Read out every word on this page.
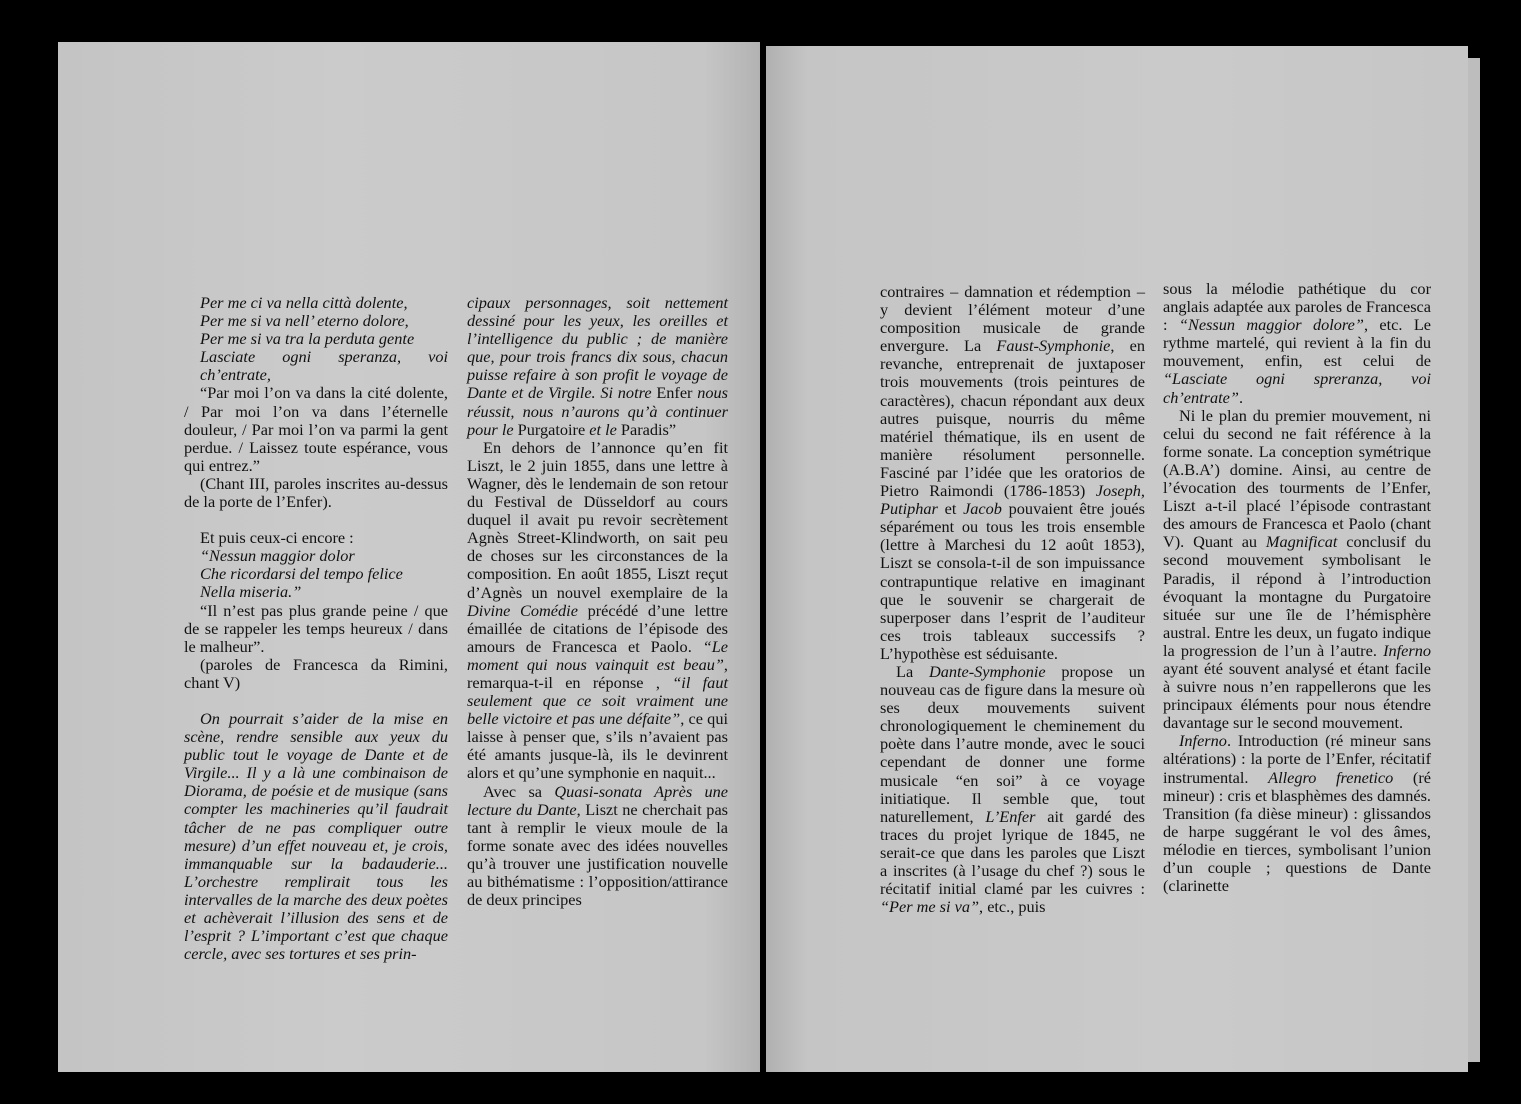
Per me ci va nella città dolente,

Per me si va nell’ eterno dolore,

Per me si va tra la perduta gente

Lasciate ogni speranza, voi ch’entrate,

“Par moi l’on va dans la cité dolente, / Par moi l’on va dans l’éternelle douleur, / Par moi l’on va parmi la gent perdue. / Laissez toute espérance, vous qui entrez.”

(Chant III, paroles inscrites au-dessus de la porte de l’Enfer).

Et puis ceux-ci encore :

“Nessun maggior dolor

Che ricordarsi del tempo felice

Nella miseria.”

“Il n’est pas plus grande peine / que de se rappeler les temps heureux / dans le malheur”.

(paroles de Francesca da Rimini, chant V)

On pourrait s’aider de la mise en scène, rendre sensible aux yeux du public tout le voyage de Dante et de Virgile... Il y a là une combinaison de Diorama, de poésie et de musique (sans compter les machineries qu’il faudrait tâcher de ne pas compliquer outre mesure) d’un effet nouveau et, je crois, immanquable sur la badauderie... L’orchestre remplirait tous les intervalles de la marche des deux poètes et achèverait l’illusion des sens et de l’esprit ? L’important c’est que chaque cercle, avec ses tortures et ses prin-

cipaux personnages, soit nettement dessiné pour les yeux, les oreilles et l’intelligence du public ; de manière que, pour trois francs dix sous, chacun puisse refaire à son profit le voyage de Dante et de Virgile. Si notre Enfer nous réussit, nous n’aurons qu’à continuer pour le Purgatoire et le Paradis”

En dehors de l’annonce qu’en fit Liszt, le 2 juin 1855, dans une lettre à Wagner, dès le lendemain de son retour du Festival de Düsseldorf au cours duquel il avait pu revoir secrètement Agnès Street-Klindworth, on sait peu de choses sur les circonstances de la composition. En août 1855, Liszt reçut d’Agnès un nouvel exemplaire de la Divine Comédie précédé d’une lettre émaillée de citations de l’épisode des amours de Francesca et Paolo. “Le moment qui nous vainquit est beau”, remarqua-t-il en réponse , “il faut seulement que ce soit vraiment une belle victoire et pas une défaite”, ce qui laisse à penser que, s’ils n’avaient pas été amants jusque-là, ils le devinrent alors et qu’une symphonie en naquit...

Avec sa Quasi-sonata Après une lecture du Dante, Liszt ne cherchait pas tant à remplir le vieux moule de la forme sonate avec des idées nouvelles qu’à trouver une justification nouvelle au bithématisme : l’opposition/attirance de deux principes

contraires – damnation et rédemption – y devient l’élément moteur d’une composition musicale de grande envergure. La Faust-Symphonie, en revanche, entreprenait de juxtaposer trois mouvements (trois peintures de caractères), chacun répondant aux deux autres puisque, nourris du même matériel thématique, ils en usent de manière résolument personnelle. Fasciné par l’idée que les oratorios de Pietro Raimondi (1786-1853) Joseph, Putiphar et Jacob pouvaient être joués séparément ou tous les trois ensemble (lettre à Marchesi du 12 août 1853), Liszt se consola-t-il de son impuissance contrapuntique relative en imaginant que le souvenir se chargerait de superposer dans l’esprit de l’auditeur ces trois tableaux successifs ? L’hypothèse est séduisante.

La Dante-Symphonie propose un nouveau cas de figure dans la mesure où ses deux mouvements suivent chronologiquement le cheminement du poète dans l’autre monde, avec le souci cependant de donner une forme musicale “en soi” à ce voyage initiatique. Il semble que, tout naturellement, L’Enfer ait gardé des traces du projet lyrique de 1845, ne serait-ce que dans les paroles que Liszt a inscrites (à l’usage du chef ?) sous le récitatif initial clamé par les cuivres : “Per me si va”, etc., puis

sous la mélodie pathétique du cor anglais adaptée aux paroles de Francesca : “Nessun maggior dolore”, etc. Le rythme martelé, qui revient à la fin du mouvement, enfin, est celui de “Lasciate ogni spreranza, voi ch’entrate”.

Ni le plan du premier mouvement, ni celui du second ne fait référence à la forme sonate. La conception symétrique (A.B.A’) domine. Ainsi, au centre de l’évocation des tourments de l’Enfer, Liszt a-t-il placé l’épisode contrastant des amours de Francesca et Paolo (chant V). Quant au Magnificat conclusif du second mouvement symbolisant le Paradis, il répond à l’introduction évoquant la montagne du Purgatoire située sur une île de l’hémisphère austral. Entre les deux, un fugato indique la progression de l’un à l’autre. Inferno ayant été souvent analysé et étant facile à suivre nous n’en rappellerons que les principaux éléments pour nous étendre davantage sur le second mouvement.

Inferno. Introduction (ré mineur sans altérations) : la porte de l’Enfer, récitatif instrumental. Allegro frenetico (ré mineur) : cris et blasphèmes des damnés. Transition (fa dièse mineur) : glissandos de harpe suggérant le vol des âmes, mélodie en tierces, symbolisant l’union d’un couple ; questions de Dante (clarinette
